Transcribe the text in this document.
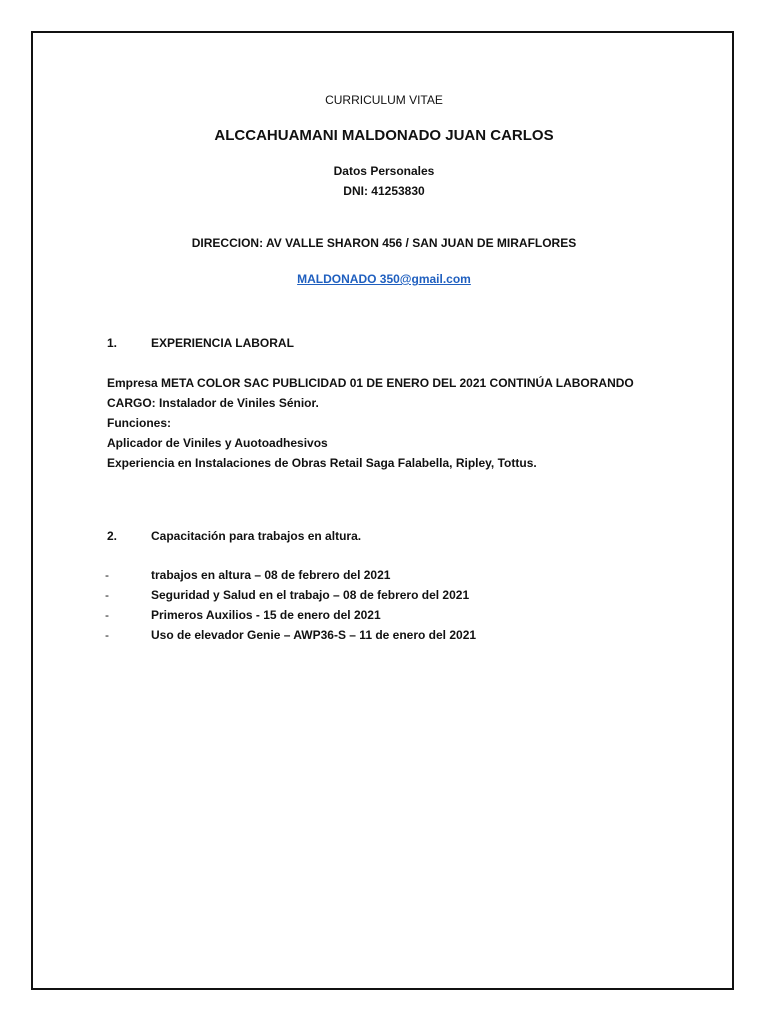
CURRICULUM VITAE
ALCCAHUAMANI MALDONADO JUAN CARLOS
Datos Personales
DNI: 41253830
DIRECCION: AV VALLE SHARON 456 / SAN JUAN DE MIRAFLORES
MALDONADO 350@gmail.com
1.	EXPERIENCIA LABORAL
Empresa META COLOR SAC PUBLICIDAD 01 DE ENERO DEL 2021 CONTINÚA LABORANDO
CARGO: Instalador de Viniles Sénior.
Funciones:
Aplicador de Viniles y Auotoadhesivos
Experiencia en Instalaciones de Obras Retail Saga Falabella, Ripley, Tottus.
2.	Capacitación para trabajos en altura.
-	trabajos en altura – 08 de febrero del 2021
-	Seguridad y Salud en el trabajo – 08 de febrero del 2021
-	Primeros Auxilios - 15 de enero del 2021
-	Uso de elevador Genie – AWP36-S – 11 de enero del 2021
